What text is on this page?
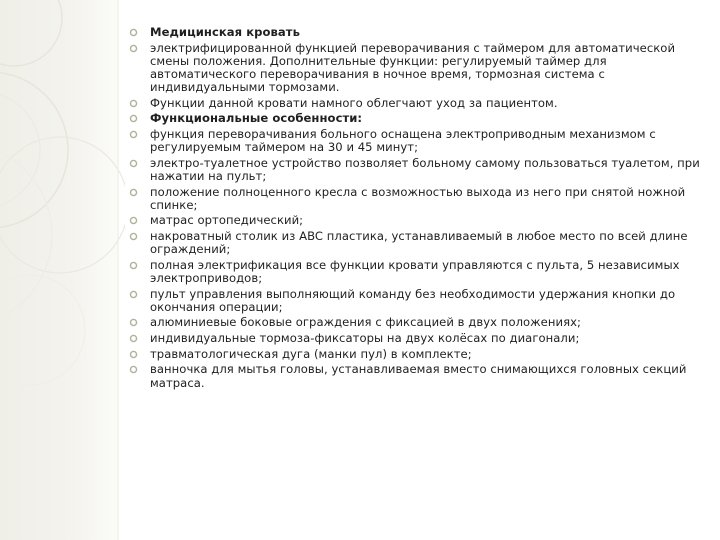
Медицинская кровать
электрифицированной функцией переворачивания с таймером для автоматической смены положения. Дополнительные функции: регулируемый таймер для автоматического переворачивания в ночное время, тормозная система с индивидуальными тормозами.
Функции данной кровати намного облегчают уход за пациентом.
Функциональные особенности:
функция переворачивания больного оснащена электроприводным механизмом с регулируемым таймером на 30 и 45 минут;
электро-туалетное устройство позволяет больному самому пользоваться туалетом, при нажатии на пульт;
положение полноценного кресла с возможностью выхода из него при снятой ножной спинке;
матрас ортопедический;
накроватный столик из ABC пластика, устанавливаемый в любое место по всей длине ограждений;
полная электрификация все функции кровати управляются с пульта, 5 независимых электроприводов;
пульт управления выполняющий команду без необходимости удержания кнопки до окончания операции;
алюминиевые боковые ограждения с фиксацией в двух положениях;
индивидуальные тормоза-фиксаторы на двух колёсах по диагонали;
травматологическая дуга (манки пул) в комплекте;
ванночка для мытья головы, устанавливаемая вместо снимающихся головных секций матраса.
